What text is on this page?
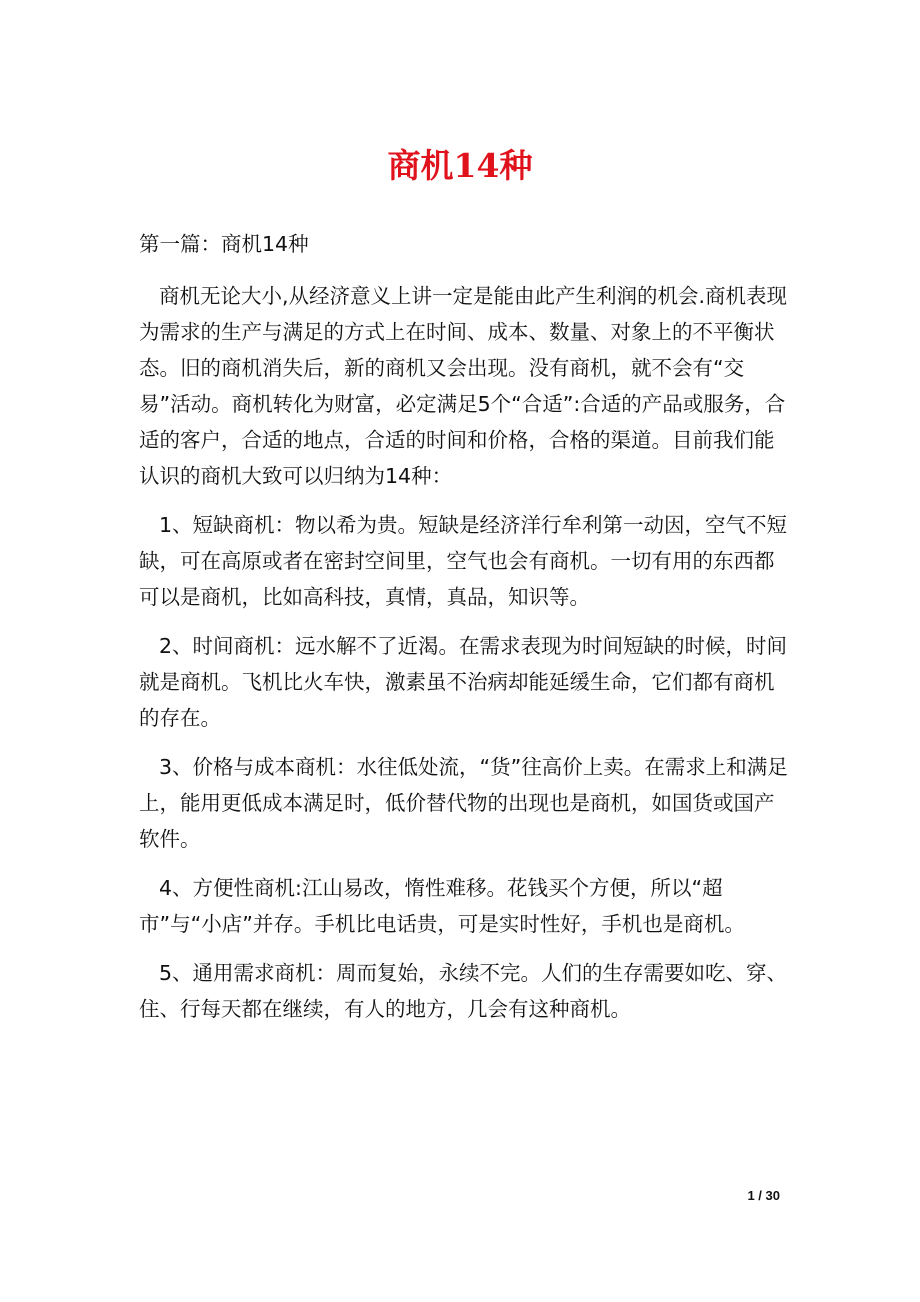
商机14种

第一篇：商机14种

商机无论大小,从经济意义上讲一定是能由此产生利润的机会.商机表现为需求的生产与满足的方式上在时间、成本、数量、对象上的不平衡状态。旧的商机消失后，新的商机又会出现。没有商机，就不会有“交易”活动。商机转化为财富，必定满足5个“合适”:合适的产品或服务，合适的客户，合适的地点，合适的时间和价格，合格的渠道。目前我们能认识的商机大致可以归纳为14种：

1、短缺商机：物以希为贵。短缺是经济洋行牟利第一动因，空气不短缺，可在高原或者在密封空间里，空气也会有商机。一切有用的东西都可以是商机，比如高科技，真情，真品，知识等。

2、时间商机：远水解不了近渴。在需求表现为时间短缺的时候，时间就是商机。飞机比火车快，激素虽不治病却能延缓生命，它们都有商机的存在。

3、价格与成本商机：水往低处流，“货”往高价上卖。在需求上和满足上，能用更低成本满足时，低价替代物的出现也是商机，如国货或国产软件。

4、方便性商机:江山易改，惰性难移。花钱买个方便，所以“超市”与“小店”并存。手机比电话贵，可是实时性好，手机也是商机。

5、通用需求商机：周而复始，永续不完。人们的生存需要如吃、穿、住、行每天都在继续，有人的地方，几会有这种商机。

1 / 30
